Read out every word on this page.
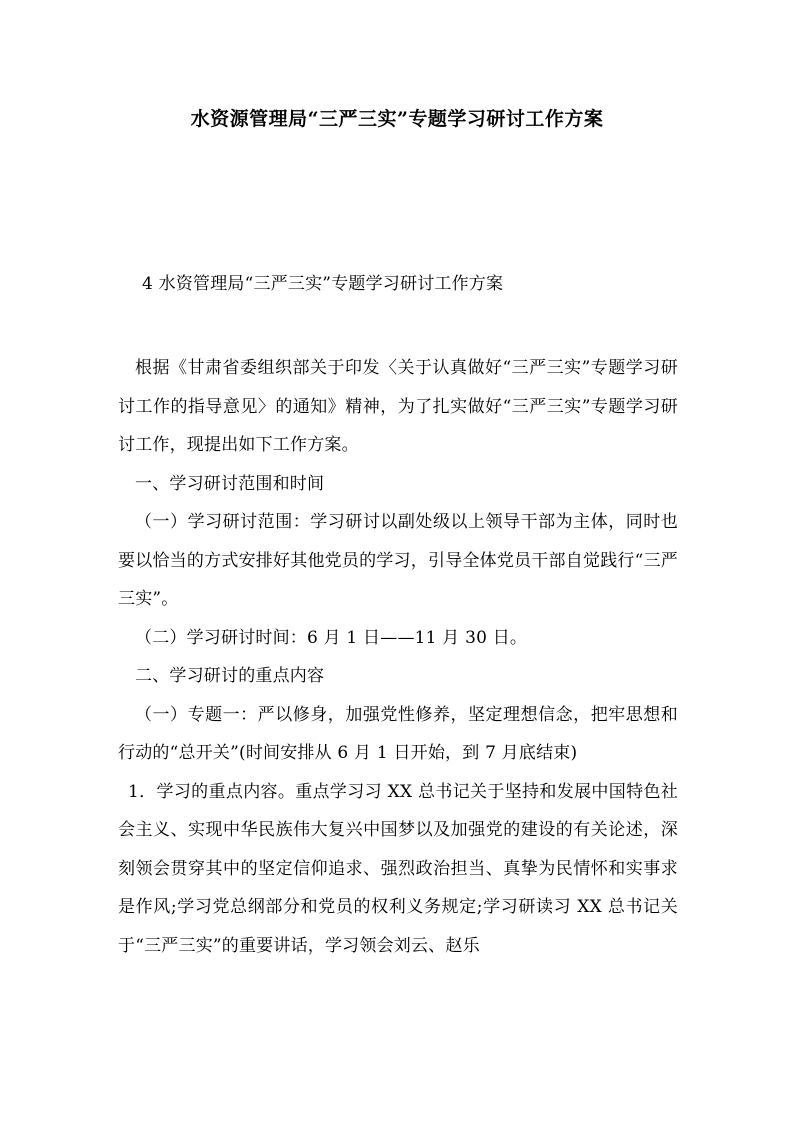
水资源管理局“三严三实”专题学习研讨工作方案
4 水资管理局“三严三实”专题学习研讨工作方案

根据《甘肃省委组织部关于印发〈关于认真做好“三严三实”专题学习研讨工作的指导意见〉的通知》精神，为了扎实做好“三严三实”专题学习研讨工作，现提出如下工作方案。

一、学习研讨范围和时间

（一）学习研讨范围：学习研讨以副处级以上领导干部为主体，同时也要以恰当的方式安排好其他党员的学习，引导全体党员干部自觉践行“三严三实”。

（二）学习研讨时间：6 月 1 日——11 月 30 日。

二、学习研讨的重点内容

（一）专题一：严以修身，加强党性修养，坚定理想信念，把牢思想和行动的“总开关”(时间安排从 6 月 1 日开始，到 7 月底结束)

1．学习的重点内容。重点学习习 XX 总书记关于坚持和发展中国特色社会主义、实现中华民族伟大复兴中国梦以及加强党的建设的有关论述，深刻领会贯穿其中的坚定信仰追求、强烈政治担当、真挚为民情怀和实事求是作风;学习党总纲部分和党员的权利义务规定;学习研读习 XX 总书记关于“三严三实”的重要讲话，学习领会刘云、赵乐
